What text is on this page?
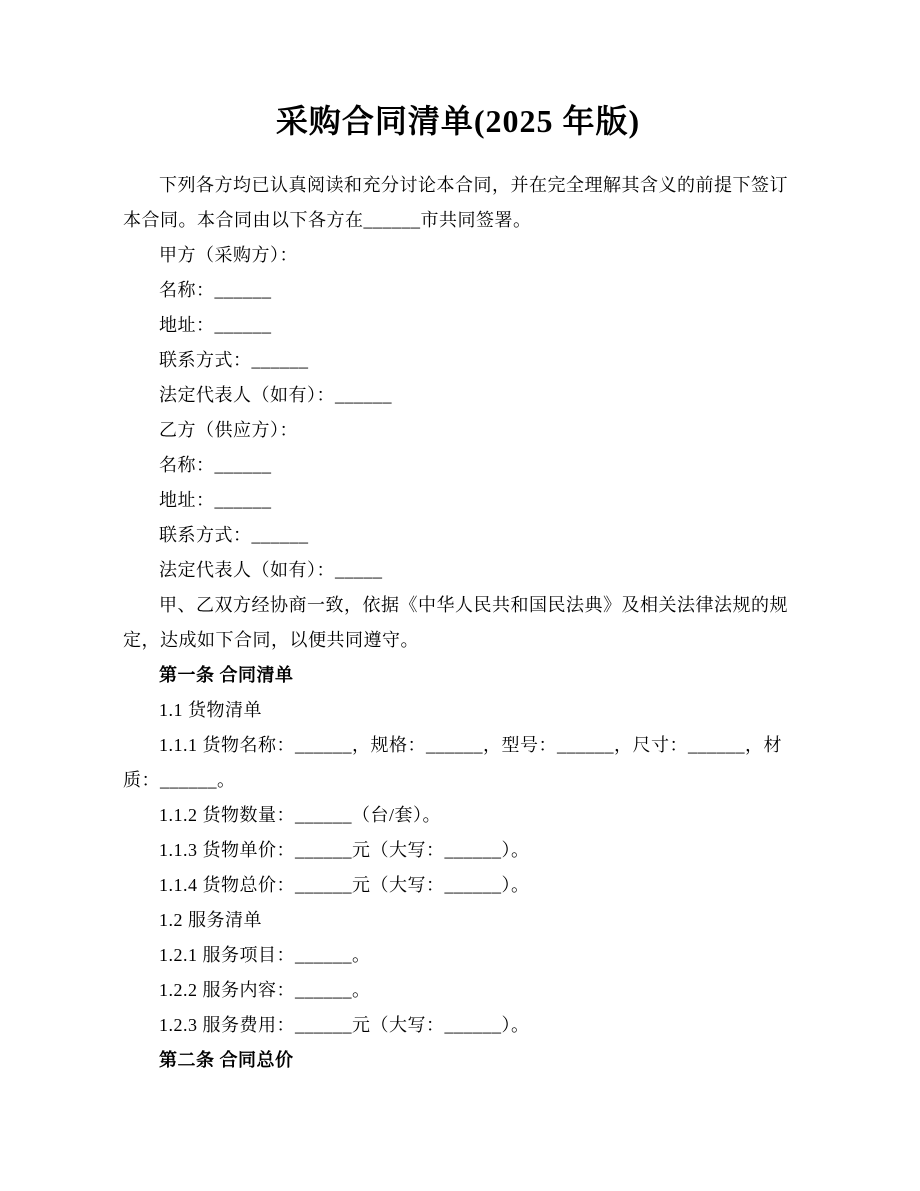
采购合同清单(2025 年版)

下列各方均已认真阅读和充分讨论本合同，并在完全理解其含义的前提下签订本合同。本合同由以下各方在______市共同签署。

甲方（采购方）：

名称：______

地址：______

联系方式：______

法定代表人（如有）：______

乙方（供应方）：

名称：______

地址：______

联系方式：______

法定代表人（如有）：_____

甲、乙双方经协商一致，依据《中华人民共和国民法典》及相关法律法规的规定，达成如下合同，以便共同遵守。

第一条 合同清单

1.1 货物清单

1.1.1 货物名称：______，规格：______，型号：______，尺寸：______，材质：______。

1.1.2 货物数量：______（台/套）。

1.1.3 货物单价：______元（大写：______）。

1.1.4 货物总价：______元（大写：______）。

1.2 服务清单

1.2.1 服务项目：______。

1.2.2 服务内容：______。

1.2.3 服务费用：______元（大写：______）。

第二条 合同总价
